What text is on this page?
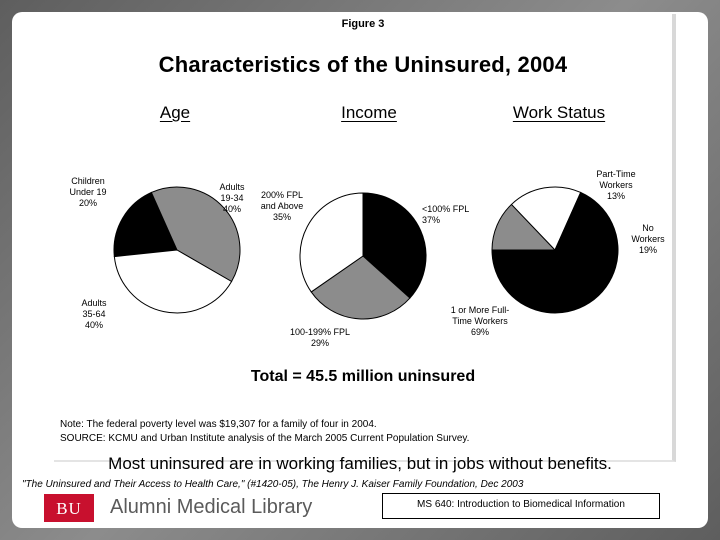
Figure 3
Characteristics of the Uninsured, 2004
Age	Income	Work Status
Children Under 19 20%
Adults 19-34 40%
Adults 35-64 40%
<100% FPL 37%
100-199% FPL 29%
200% FPL and Above 35%
Part-Time Workers 13%
No Workers 19%
1 or More Full-Time Workers 69%
Total = 45.5 million uninsured
Note: The federal poverty level was $19,307 for a family of four in 2004.
SOURCE: KCMU and Urban Institute analysis of the March 2005 Current Population Survey.
Most uninsured are in working families, but in jobs without benefits.
"The Uninsured and Their Access to Health Care," (#1420-05), The Henry J. Kaiser Family Foundation, Dec 2003
BU	Alumni Medical Library	MS 640: Introduction to Biomedical Information
